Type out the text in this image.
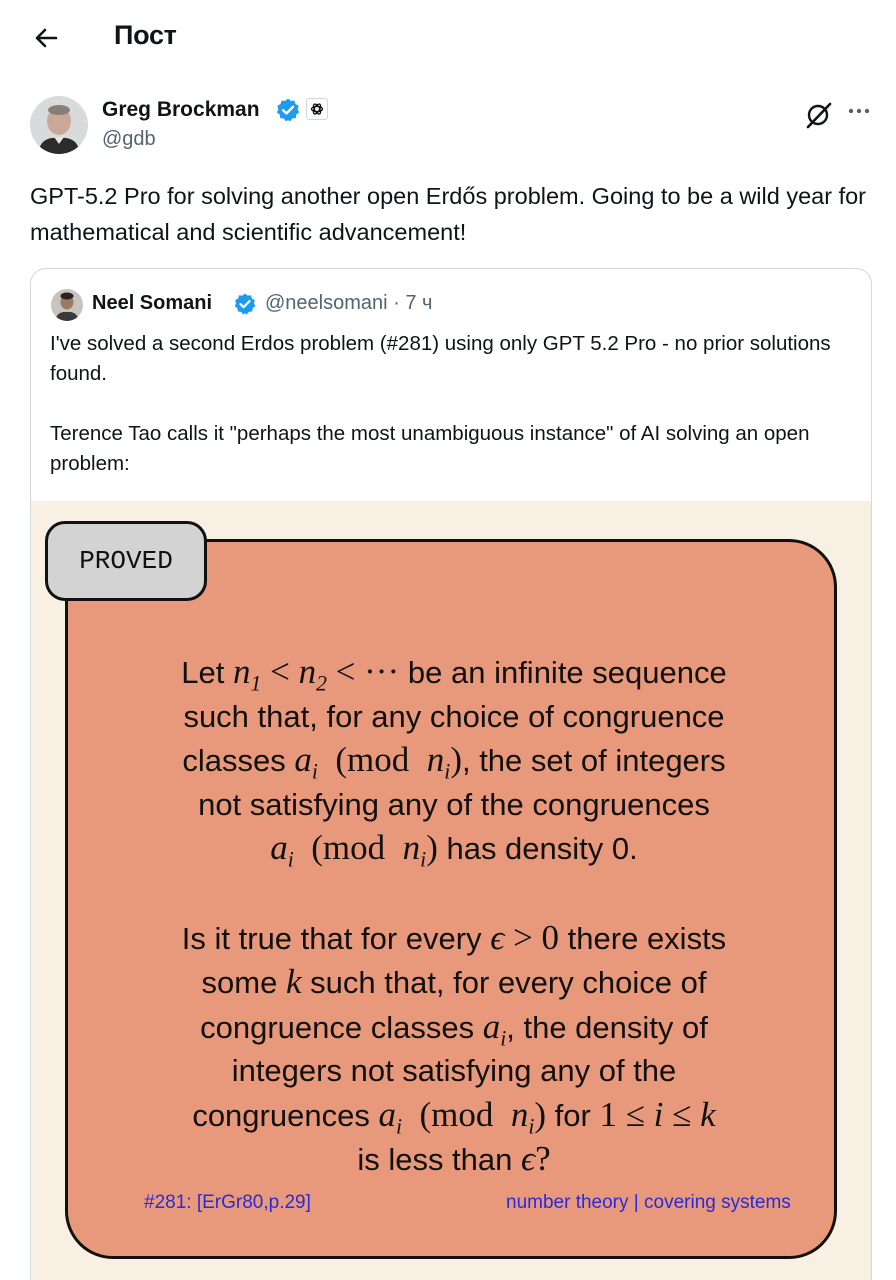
Пост
Greg Brockman
@gdb
GPT-5.2 Pro for solving another open Erdős problem. Going to be a wild year for mathematical and scientific advancement!
Neel Somani	@neelsomani · 7 ч

I've solved a second Erdos problem (#281) using only GPT 5.2 Pro - no prior solutions found.

Terence Tao calls it "perhaps the most unambiguous instance" of AI solving an open problem:

Let $n_1 < n_2$ < ··· be an infinite sequence
such that, for any choice of congruence
classes $a_i$  (mod  $n_i$), the set of integers
not satisfying any of the congruences
$a_i$  (mod  $n_i$) has density 0.

Is it true that for every ϵ > 0 there exists
some k such that, for every choice of
congruence classes $a_i$, the density of
integers not satisfying any of the
congruences $a_i$  (mod  $n_i$) for 1 ≤ i ≤ k
is less than ϵ?

#281: [ErGr80,p.29]	number theory | covering systems
PROVED
